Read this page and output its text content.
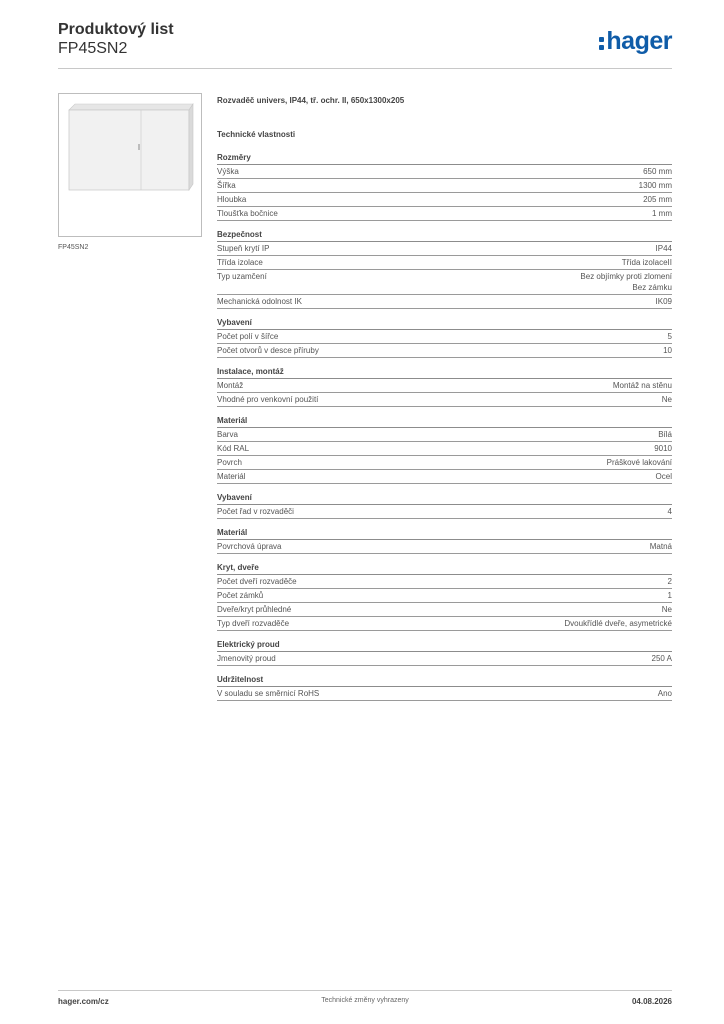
Produktový list
FP45SN2	hager
FP45SN2
Rozvaděč univers, IP44, tř. ochr. II, 650x1300x205
Technické vlastnosti
Rozměry
Výška	650 mm
Šířka	1300 mm
Hloubka	205 mm
Tloušťka bočnice	1 mm
Bezpečnost
Stupeň krytí IP	IP44
Třída izolace	Třída izolaceII
Typ uzamčení	Bez objímky proti zlomení
Bez zámku
Mechanická odolnost IK	IK09
Vybavení
Počet polí v šířce	5
Počet otvorů v desce příruby	10
Instalace, montáž
Montáž	Montáž na stěnu
Vhodné pro venkovní použití	Ne
Materiál
Barva	Bílá
Kód RAL	9010
Povrch	Práškové lakování
Materiál	Ocel
Vybavení
Počet řad v rozvaděči	4
Materiál
Povrchová úprava	Matná
Kryt, dveře
Počet dveří rozvaděče	2
Počet zámků	1
Dveře/kryt průhledné	Ne
Typ dveří rozvaděče	Dvoukřídlé dveře, asymetrické
Elektrický proud
Jmenovitý proud	250 A
Udržitelnost
V souladu se směrnicí RoHS	Ano
hager.com/cz	Technické změny vyhrazeny	04.08.2026
